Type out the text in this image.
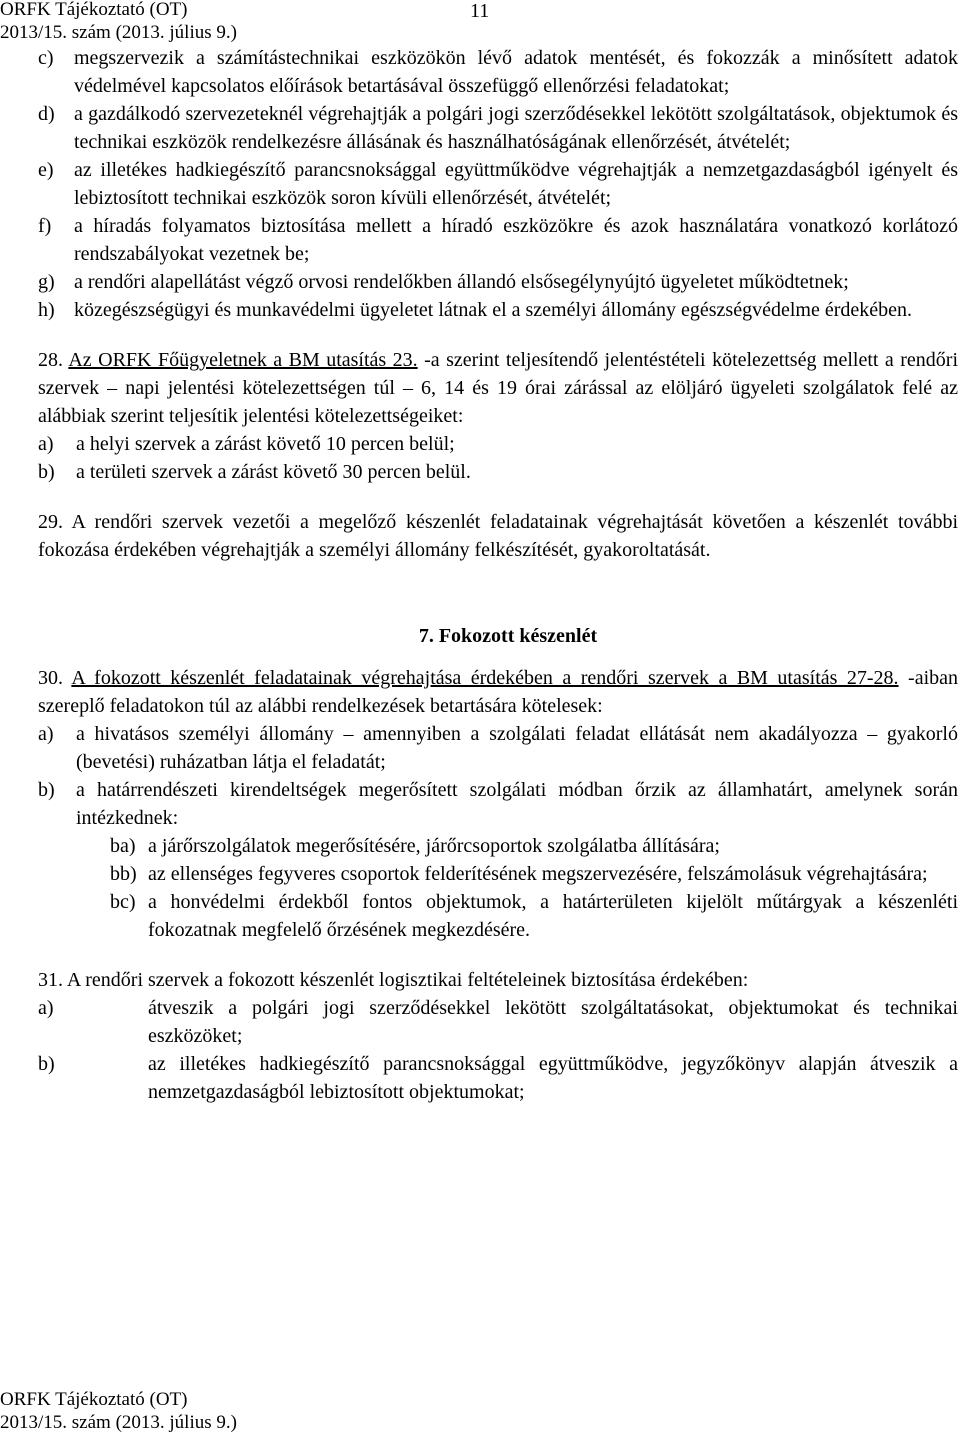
ORFK Tájékoztató (OT)
2013/15. szám (2013. július 9.)
11
c)	megszervezik a számítástechnikai eszközökön lévő adatok mentését, és fokozzák a minősített adatok védelmével kapcsolatos előírások betartásával összefüggő ellenőrzési feladatokat;
d) a gazdálkodó szervezeteknél végrehajtják a polgári jogi szerződésekkel lekötött szolgáltatások, objektumok és technikai eszközök rendelkezésre állásának és használhatóságának ellenőrzését, átvételét;
e)	az illetékes hadkiegészítő parancsnoksággal együttműködve végrehajtják a nemzetgazdaságból igényelt és lebiztosított technikai eszközök soron kívüli ellenőrzését, átvételét;
f)	a híradás folyamatos biztosítása mellett a híradó eszközökre és azok használatára vonatkozó korlátozó rendszabályokat vezetnek be;
g) a rendőri alapellátást végző orvosi rendelőkben állandó elsősegélynyújtó ügyeletet működtetnek;
h) közegészségügyi és munkavédelmi ügyeletet látnak el a személyi állomány egészségvédelme érdekében.
28. Az ORFK Főügyeletnek a BM utasítás 23. -a szerint teljesítendő jelentéstételi kötelezettség mellett a rendőri szervek – napi jelentési kötelezettségen túl – 6, 14 és 19 órai zárással az elöljáró ügyeleti szolgálatok felé az alábbiak szerint teljesítik jelentési kötelezettségeiket:
a)	a helyi szervek a zárást követő 10 percen belül;
b)	a területi szervek a zárást követő 30 percen belül.
29. A rendőri szervek vezetői a megelőző készenlét feladatainak végrehajtását követően a készenlét további fokozása érdekében végrehajtják a személyi állomány felkészítését, gyakoroltatását.
7. Fokozott készenlét
30. A fokozott készenlét feladatainak végrehajtása érdekében a rendőri szervek a BM utasítás 27-28. -aiban szereplő feladatokon túl az alábbi rendelkezések betartására kötelesek:
a)	a hivatásos személyi állomány – amennyiben a szolgálati feladat ellátását nem akadályozza – gyakorló (bevetési) ruházatban látja el feladatát;
b)	a határrendészeti kirendeltségek megerősített szolgálati módban őrzik az államhatárt, amelynek során intézkednek:
ba) a járőrszolgálatok megerősítésére, járőrcsoportok szolgálatba állítására;
bb) az ellenséges fegyveres csoportok felderítésének megszervezésére, felszámolásuk végrehajtására;
bc) a honvédelmi érdekből fontos objektumok, a határterületen kijelölt műtárgyak a készenléti fokozatnak megfelelő őrzésének megkezdésére.
31. A rendőri szervek a fokozott készenlét logisztikai feltételeinek biztosítása érdekében:
a)	átveszik a polgári jogi szerződésekkel lekötött szolgáltatásokat, objektumokat és technikai eszközöket;
b)	az illetékes hadkiegészítő parancsnoksággal együttműködve, jegyzőkönyv alapján átveszik a nemzetgazdaságból lebiztosított objektumokat;
ORFK Tájékoztató (OT)
2013/15. szám (2013. július 9.)
